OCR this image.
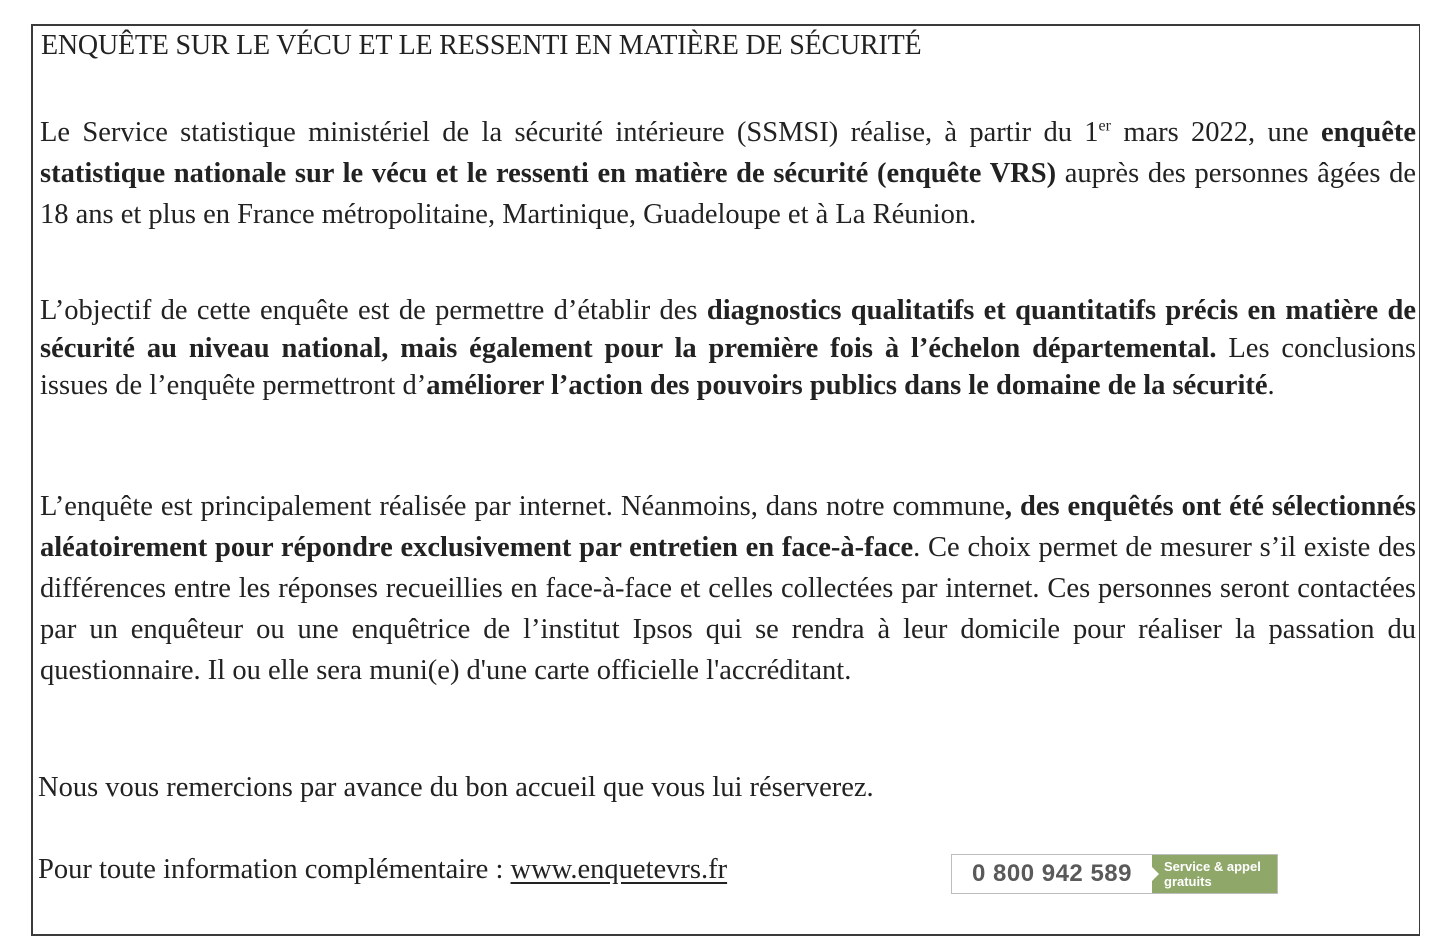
ENQUÊTE SUR LE VÉCU ET LE RESSENTI EN MATIÈRE DE SÉCURITÉ

Le Service statistique ministériel de la sécurité intérieure (SSMSI) réalise, à partir du 1er mars 2022, une enquête statistique nationale sur le vécu et le ressenti en matière de sécurité (enquête VRS) auprès des personnes âgées de 18 ans et plus en France métropolitaine, Martinique, Guadeloupe et à La Réunion.

L’objectif de cette enquête est de permettre d’établir des diagnostics qualitatifs et quantitatifs précis en matière de sécurité au niveau national, mais également pour la première fois à l’échelon départemental. Les conclusions issues de l’enquête permettront d’améliorer l’action des pouvoirs publics dans le domaine de la sécurité.

L’enquête est principalement réalisée par internet. Néanmoins, dans notre commune, des enquêtés ont été sélectionnés aléatoirement pour répondre exclusivement par entretien en face-à-face. Ce choix permet de mesurer s’il existe des différences entre les réponses recueillies en face-à-face et celles collectées par internet. Ces personnes seront contactées par un enquêteur ou une enquêtrice de l’institut Ipsos qui se rendra à leur domicile pour réaliser la passation du questionnaire. Il ou elle sera muni(e) d'une carte officielle l'accréditant.

Nous vous remercions par avance du bon accueil que vous lui réserverez.

Pour toute information complémentaire : www.enquetevrs.fr	0 800 942 589	Service & appel
gratuits
